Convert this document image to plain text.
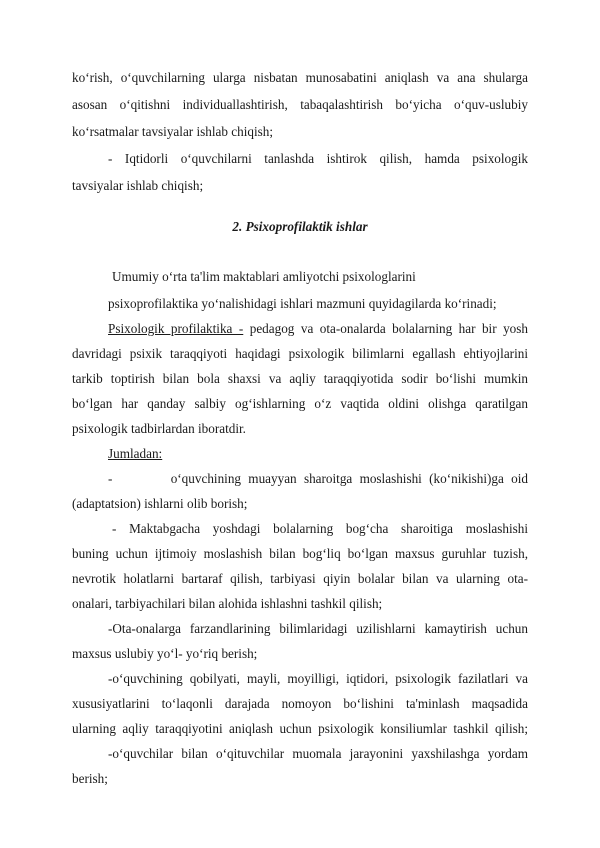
ko‘rish, o‘quvchilarning ularga nisbatan munosabatini aniqlash va ana shularga
asosan o‘qitishni individuallashtirish, tabaqalashtirish bo‘yicha o‘quv-uslubiy
ko‘rsatmalar tavsiyalar ishlab chiqish;
- Iqtidorli o‘quvchilarni tanlashda ishtirok qilish, hamda psixologik
tavsiyalar ishlab chiqish;
2. Psixoprofilaktik ishlar
Umumiy o‘rta ta'lim maktablari amliyotchi psixologlarini
psixoprofilaktika yo‘nalishidagi ishlari mazmuni quyidagilarda ko‘rinadi;
Psixologik profilaktika - pedagog va ota-onalarda bolalarning har bir yosh
davridagi psixik taraqqiyoti haqidagi psixologik bilimlarni egallash ehtiyojlarini
tarkib toptirish bilan bola shaxsi va aqliy taraqqiyotida sodir bo‘lishi mumkin
bo‘lgan har qanday salbiy og‘ishlarning o‘z vaqtida oldini olishga qaratilgan
psixologik tadbirlardan iboratdir.
Jumladan:
-        o‘quvchining muayyan sharoitga moslashishi (ko‘nikishi)ga oid
(adaptatsion) ishlarni olib borish;
- Maktabgacha yoshdagi bolalarning bog‘cha sharoitiga moslashishi
buning uchun ijtimoiy moslashish bilan bog‘liq bo‘lgan maxsus guruhlar tuzish,
nevrotik holatlarni bartaraf qilish, tarbiyasi qiyin bolalar bilan va ularning ota-
onalari, tarbiyachilari bilan alohida ishlashni tashkil qilish;
-Ota-onalarga farzandlarining bilimlaridagi uzilishlarni kamaytirish uchun
maxsus uslubiy yo‘l- yo‘riq berish;
-o‘quvchining qobilyati, mayli, moyilligi, iqtidori, psixologik fazilatlari va
xususiyatlarini to‘laqonli darajada nomoyon bo‘lishini ta'minlash maqsadida
ularning aqliy taraqqiyotini aniqlash uchun psixologik konsiliumlar tashkil qilish;
-o‘quvchilar bilan o‘qituvchilar muomala jarayonini yaxshilashga yordam
berish;
